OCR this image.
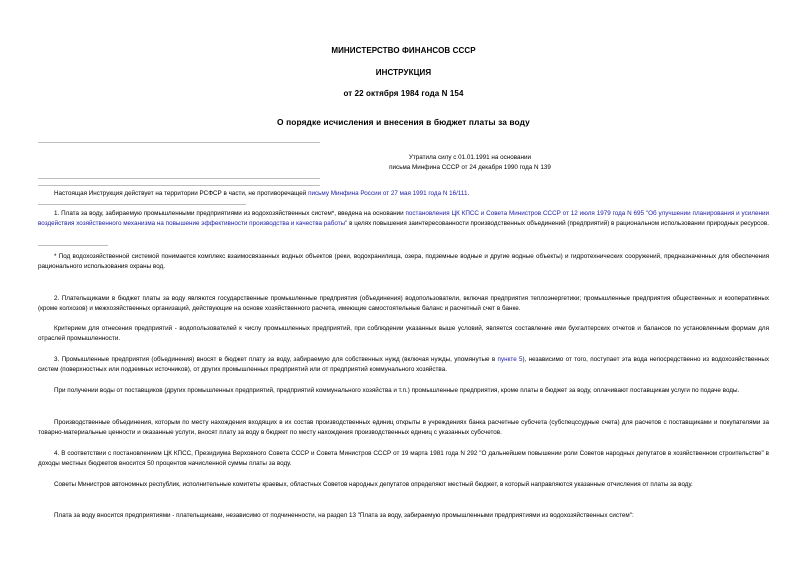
МИНИСТЕРСТВО ФИНАНСОВ СССР
ИНСТРУКЦИЯ
от 22 октября 1984 года N 154
О порядке исчисления и внесения в бюджет платы за воду
Утратила силу с 01.01.1991 на основании
письма Минфина СССР от 24 декабря 1990 года N 139

Настоящая Инструкция действует на территории РСФСР в части, не противоречащей письму Минфина России от 27 мая 1991 года N 16/111.

1. Плата за воду, забираемую промышленными предприятиями из водохозяйственных систем*, введена на основании постановления ЦК КПСС и Совета Министров СССР от 12 июля 1979 года N 695 "Об улучшении планирования и усилении воздействия хозяйственного механизма на повышение эффективности производства и качества работы" в целях повышения заинтересованности производственных объединений (предприятий) в рациональном использовании природных ресурсов.

* Под водохозяйственной системой понимается комплекс взаимосвязанных водных объектов (реки, водохранилища, озера, подземные водные и другие водные объекты) и гидротехнических сооружений, предназначенных для обеспечения рационального использования охраны вод.

2. Плательщиками в бюджет платы за воду являются государственные промышленные предприятия (объединения) водопользователи, включая предприятия теплоэнергетики; промышленные предприятия общественных и кооперативных (кроме колхозов) и межхозяйственных организаций, действующие на основе хозяйственного расчета, имеющие самостоятельные баланс и расчетный счет в банке.

Критерием для отнесения предприятий - водопользователей к числу промышленных предприятий, при соблюдении указанных выше условий, является составление ими бухгалтерских отчетов и балансов по установленным формам для отраслей промышленности.

3. Промышленные предприятия (объединения) вносят в бюджет плату за воду, забираемую для собственных нужд (включая нужды, упомянутые в пункте 5), независимо от того, поступает эта вода непосредственно из водохозяйственных систем (поверхностных или подземных источников), от других промышленных предприятий или от предприятий коммунального хозяйства.

При получении воды от поставщиков (других промышленных предприятий, предприятий коммунального хозяйства и т.п.) промышленные предприятия, кроме платы в бюджет за воду, оплачивают поставщикам услуги по подаче воды.

Производственные объединения, которым по месту нахождения входящих в их состав производственных единиц открыты в учреждениях банка расчетные субсчета (субспецссудные счета) для расчетов с поставщиками и покупателями за товарно-материальные ценности и оказанные услуги, вносят плату за воду в бюджет по месту нахождения производственных единиц с указанных субсчетов.

4. В соответствии с постановлением ЦК КПСС, Президиума Верховного Совета СССР и Совета Министров СССР от 19 марта 1981 года N 292 "О дальнейшем повышении роли Советов народных депутатов в хозяйственном строительстве" в доходы местных бюджетов вносится 50 процентов начисленной суммы платы за воду.

Советы Министров автономных республик, исполнительные комитеты краевых, областных Советов народных депутатов определяют местный бюджет, в который направляются указанные отчисления от платы за воду.

Плата за воду вносится предприятиями - плательщиками, независимо от подчиненности, на раздел 13 "Плата за воду, забираемую промышленными предприятиями из водохозяйственных систем":
